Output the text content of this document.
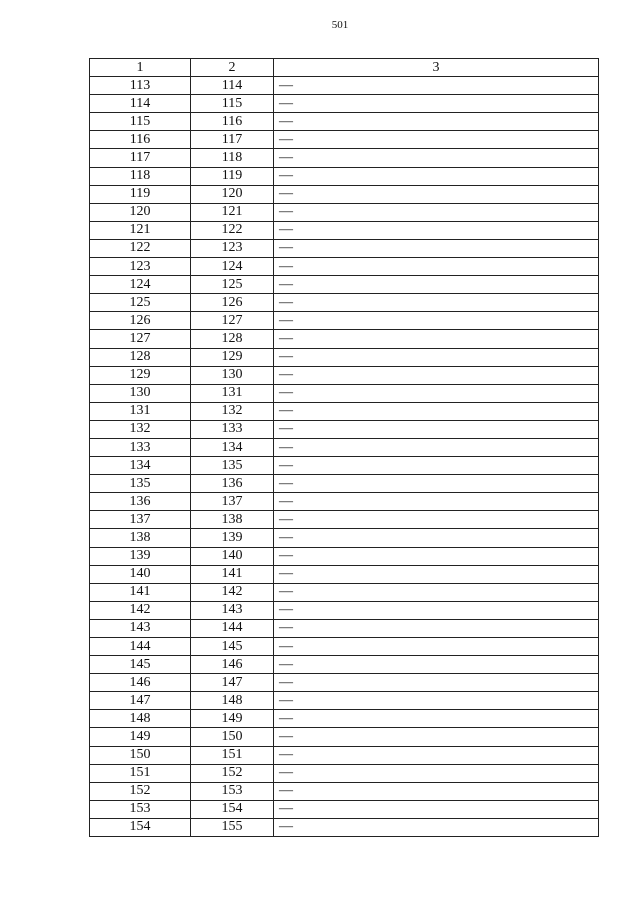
501
1	2	3
113	114	—
114	115	—
115	116	—
116	117	—
117	118	—
118	119	—
119	120	—
120	121	—
121	122	—
122	123	—
123	124	—
124	125	—
125	126	—
126	127	—
127	128	—
128	129	—
129	130	—
130	131	—
131	132	—
132	133	—
133	134	—
134	135	—
135	136	—
136	137	—
137	138	—
138	139	—
139	140	—
140	141	—
141	142	—
142	143	—
143	144	—
144	145	—
145	146	—
146	147	—
147	148	—
148	149	—
149	150	—
150	151	—
151	152	—
152	153	—
153	154	—
154	155	—
